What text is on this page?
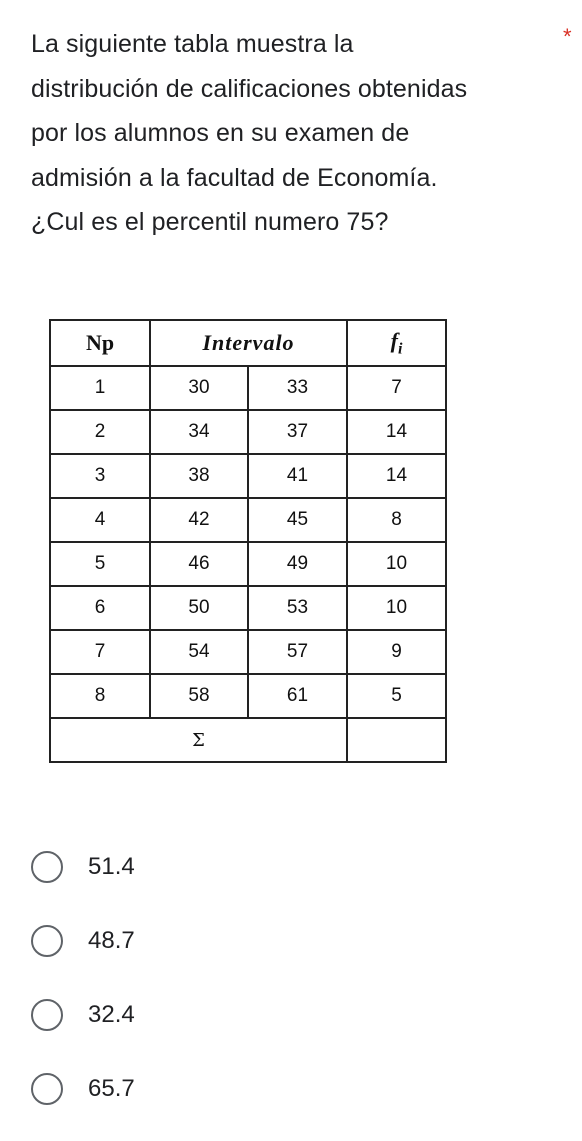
La siguiente tabla muestra la

distribución de calificaciones obtenidas

por los alumnos en su examen de

admisión a la facultad de Economía.

¿Cul es el percentil numero 75?

*
Np	Intervalo		$f_i$
1	30	33	7
2	34	37	14
3	38	41	14
4	42	45	8
5	46	49	10
6	50	53	10
7	54	57	9
8	58	61	5
Σ			
51.4
48.7
32.4
65.7
